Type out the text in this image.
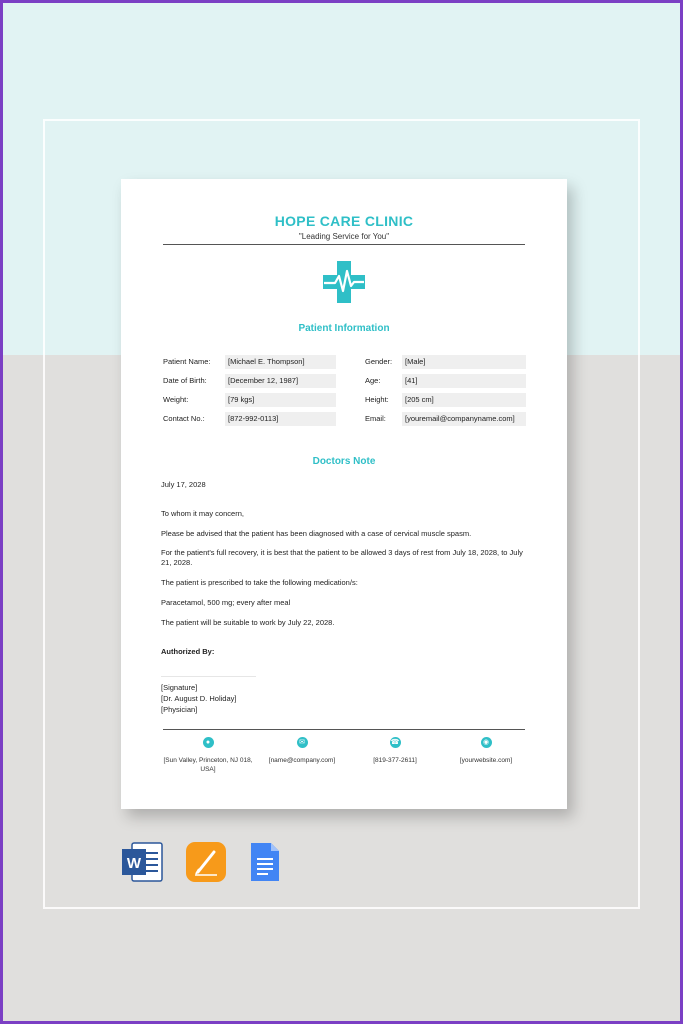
HOPE CARE CLINIC
"Leading Service for You"
Patient Information
Patient Name:	[Michael E. Thompson]
Date of Birth:	[December 12, 1987]
Weight:	[79 kgs]
Contact No.:	[872-992-0113]
Gender:	[Male]
Age:	[41]
Height:	[205 cm]
Email:	[youremail@companyname.com]
Doctors Note
July 17, 2028
To whom it may concern,
Please be advised that the patient has been diagnosed with a case of cervical muscle spasm.
For the patient's full recovery, it is best that the patient to be allowed 3 days of rest from July 18, 2028, to July 21, 2028.
The patient is prescribed to take the following medication/s:
Paracetamol, 500 mg; every after meal
The patient will be suitable to work by July 22, 2028.
Authorized By:
[Signature]
[Dr. August D. Holiday]
[Physician]
●
[Sun Valley, Princeton, NJ 018, USA]
✉
[name@company.com]
☎
[819-377-2611]
◉
[yourwebsite.com]
W
